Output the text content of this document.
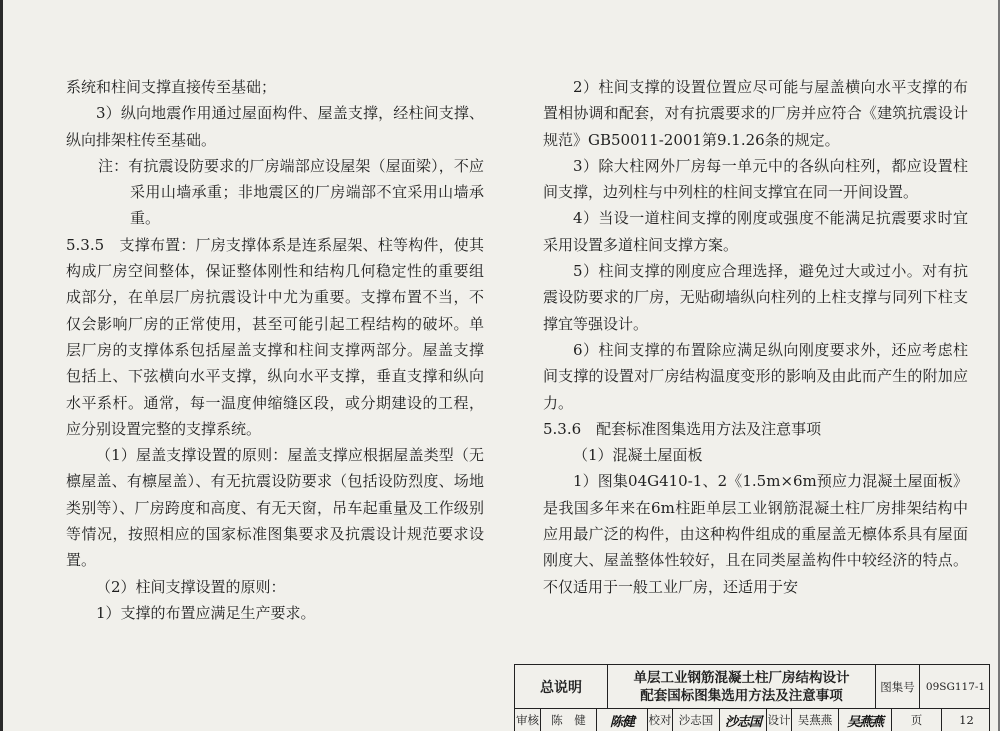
系统和柱间支撑直接传至基础；

3）纵向地震作用通过屋面构件、屋盖支撑，经柱间支撑、纵向排架柱传至基础。

注：有抗震设防要求的厂房端部应设屋架（屋面梁），不应采用山墙承重；非地震区的厂房端部不宜采用山墙承重。

5.3.5　支撑布置：厂房支撑体系是连系屋架、柱等构件，使其构成厂房空间整体，保证整体刚性和结构几何稳定性的重要组成部分，在单层厂房抗震设计中尤为重要。支撑布置不当，不仅会影响厂房的正常使用，甚至可能引起工程结构的破坏。单层厂房的支撑体系包括屋盖支撑和柱间支撑两部分。屋盖支撑包括上、下弦横向水平支撑，纵向水平支撑，垂直支撑和纵向水平系杆。通常，每一温度伸缩缝区段，或分期建设的工程，应分别设置完整的支撑系统。

（1）屋盖支撑设置的原则：屋盖支撑应根据屋盖类型（无檩屋盖、有檩屋盖）、有无抗震设防要求（包括设防烈度、场地类别等）、厂房跨度和高度、有无天窗，吊车起重量及工作级别等情况，按照相应的国家标准图集要求及抗震设计规范要求设置。

（2）柱间支撑设置的原则：

1）支撑的布置应满足生产要求。

2）柱间支撑的设置位置应尽可能与屋盖横向水平支撑的布置相协调和配套，对有抗震要求的厂房并应符合《建筑抗震设计规范》GB50011-2001第9.1.26条的规定。

3）除大柱网外厂房每一单元中的各纵向柱列，都应设置柱间支撑，边列柱与中列柱的柱间支撑宜在同一开间设置。

4）当设一道柱间支撑的刚度或强度不能满足抗震要求时宜采用设置多道柱间支撑方案。

5）柱间支撑的刚度应合理选择，避免过大或过小。对有抗震设防要求的厂房，无贴砌墙纵向柱列的上柱支撑与同列下柱支撑宜等强设计。

6）柱间支撑的布置除应满足纵向刚度要求外，还应考虑柱间支撑的设置对厂房结构温度变形的影响及由此而产生的附加应力。

5.3.6　配套标准图集选用方法及注意事项

（1）混凝土屋面板

1）图集04G410-1、2《1.5m×6m预应力混凝土屋面板》是我国多年来在6m柱距单层工业钢筋混凝土柱厂房排架结构中应用最广泛的构件，由这种构件组成的重屋盖无檩体系具有屋面刚度大、屋盖整体性较好，且在同类屋盖构件中较经济的特点。不仅适用于一般工业厂房，还适用于安

总说明
单层工业钢筋混凝土柱厂房结构设计
配套国标图集选用方法及注意事项
图集号	09SG117-1
审核	陈　健	陈健	校对 沙志国 沙志国 设计 吴燕燕	吴燕燕	页	12
